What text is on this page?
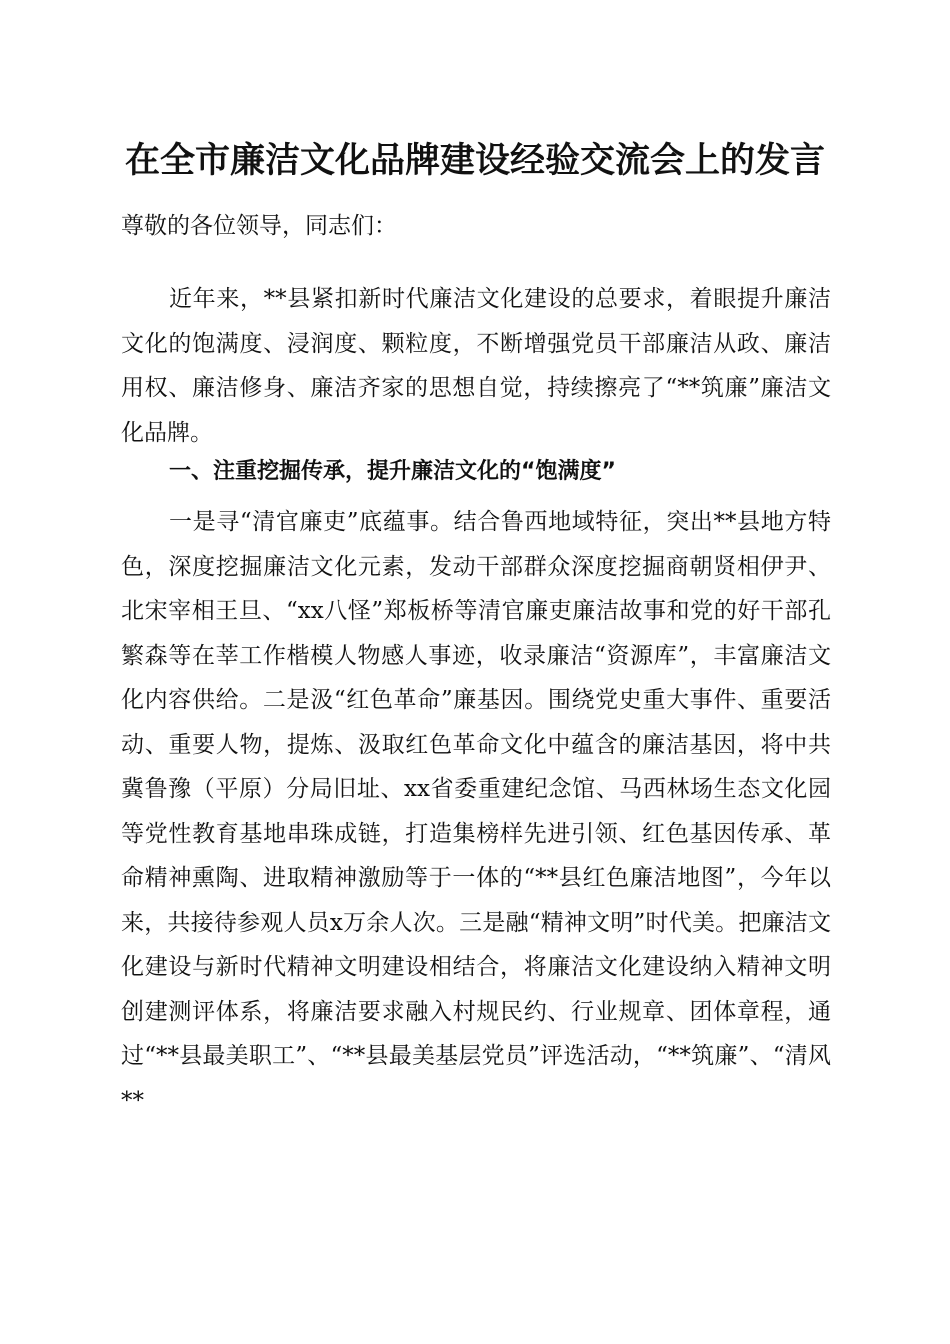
在全市廉洁文化品牌建设经验交流会上的发言

尊敬的各位领导，同志们：

近年来，**县紧扣新时代廉洁文化建设的总要求，着眼提升廉洁文化的饱满度、浸润度、颗粒度，不断增强党员干部廉洁从政、廉洁用权、廉洁修身、廉洁齐家的思想自觉，持续擦亮了“**筑廉”廉洁文化品牌。

一、注重挖掘传承，提升廉洁文化的“饱满度”

一是寻“清官廉吏”底蕴事。结合鲁西地域特征，突出**县地方特色，深度挖掘廉洁文化元素，发动干部群众深度挖掘商朝贤相伊尹、北宋宰相王旦、“xx八怪”郑板桥等清官廉吏廉洁故事和党的好干部孔繁森等在莘工作楷模人物感人事迹，收录廉洁“资源库”，丰富廉洁文化内容供给。二是汲“红色革命”廉基因。围绕党史重大事件、重要活动、重要人物，提炼、汲取红色革命文化中蕴含的廉洁基因，将中共冀鲁豫（平原）分局旧址、xx省委重建纪念馆、马西林场生态文化园等党性教育基地串珠成链，打造集榜样先进引领、红色基因传承、革命精神熏陶、进取精神激励等于一体的“**县红色廉洁地图”，今年以来，共接待参观人员x万余人次。三是融“精神文明”时代美。把廉洁文化建设与新时代精神文明建设相结合，将廉洁文化建设纳入精神文明创建测评体系，将廉洁要求融入村规民约、行业规章、团体章程，通过“**县最美职工”、“**县最美基层党员”评选活动，“**筑廉”、“清风**
